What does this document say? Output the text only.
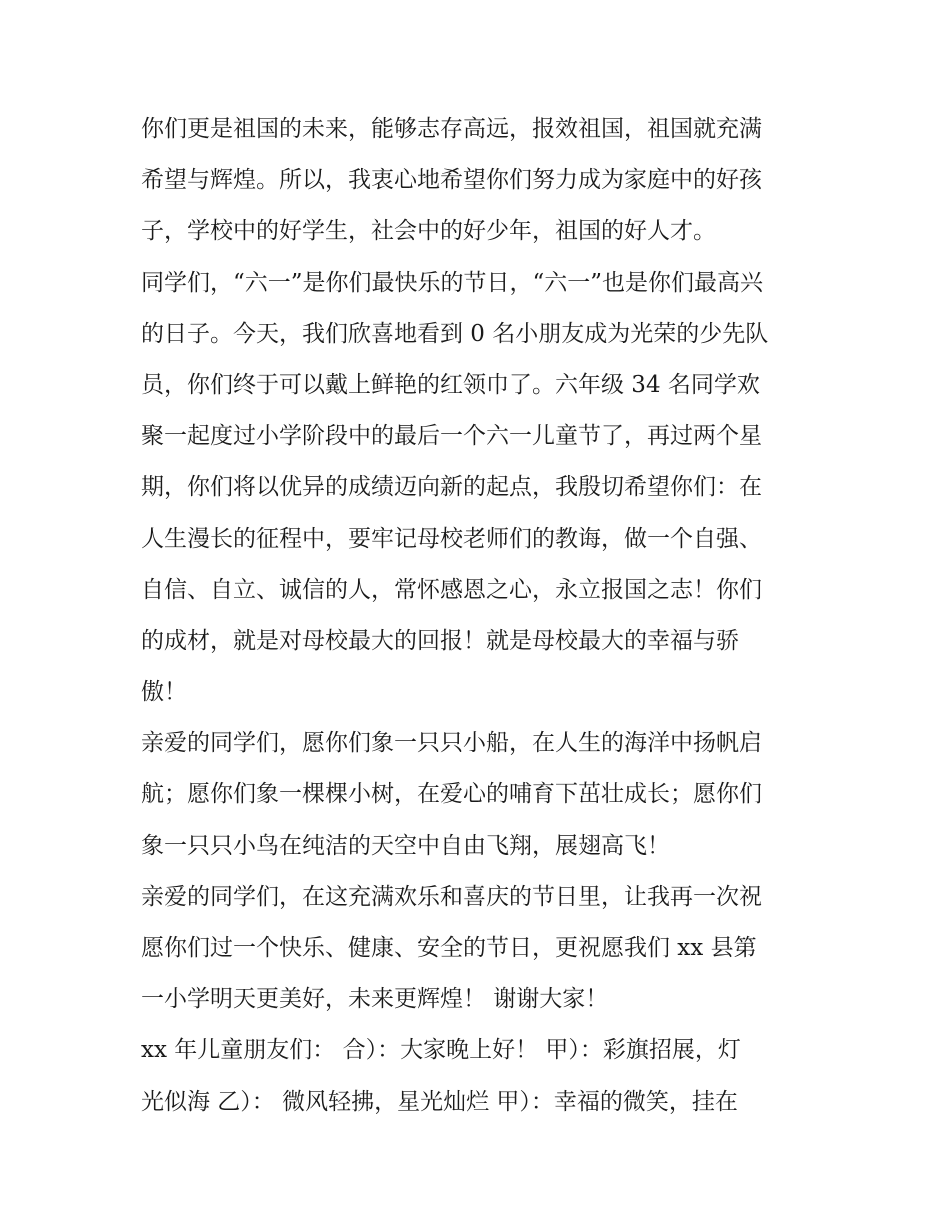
你们更是祖国的未来，能够志存高远，报效祖国，祖国就充满
希望与辉煌。所以，我衷心地希望你们努力成为家庭中的好孩
子，学校中的好学生，社会中的好少年，祖国的好人才。
同学们，“六一”是你们最快乐的节日，“六一”也是你们最高兴
的日子。今天，我们欣喜地看到 0 名小朋友成为光荣的少先队
员，你们终于可以戴上鲜艳的红领巾了。六年级 34 名同学欢
聚一起度过小学阶段中的最后一个六一儿童节了，再过两个星
期，你们将以优异的成绩迈向新的起点，我殷切希望你们：在
人生漫长的征程中，要牢记母校老师们的教诲，做一个自强、
自信、自立、诚信的人，常怀感恩之心，永立报国之志！你们
的成材，就是对母校最大的回报！就是母校最大的幸福与骄
傲！
亲爱的同学们，愿你们象一只只小船，在人生的海洋中扬帆启
航；愿你们象一棵棵小树，在爱心的哺育下茁壮成长；愿你们
象一只只小鸟在纯洁的天空中自由飞翔，展翅高飞！
亲爱的同学们，在这充满欢乐和喜庆的节日里，让我再一次祝
愿你们过一个快乐、健康、安全的节日，更祝愿我们 xx 县第
一小学明天更美好，未来更辉煌！ 谢谢大家！
xx 年儿童朋友们： 合）：大家晚上好！ 甲）：彩旗招展，灯
光似海 乙）： 微风轻拂，星光灿烂 甲）：幸福的微笑，挂在
